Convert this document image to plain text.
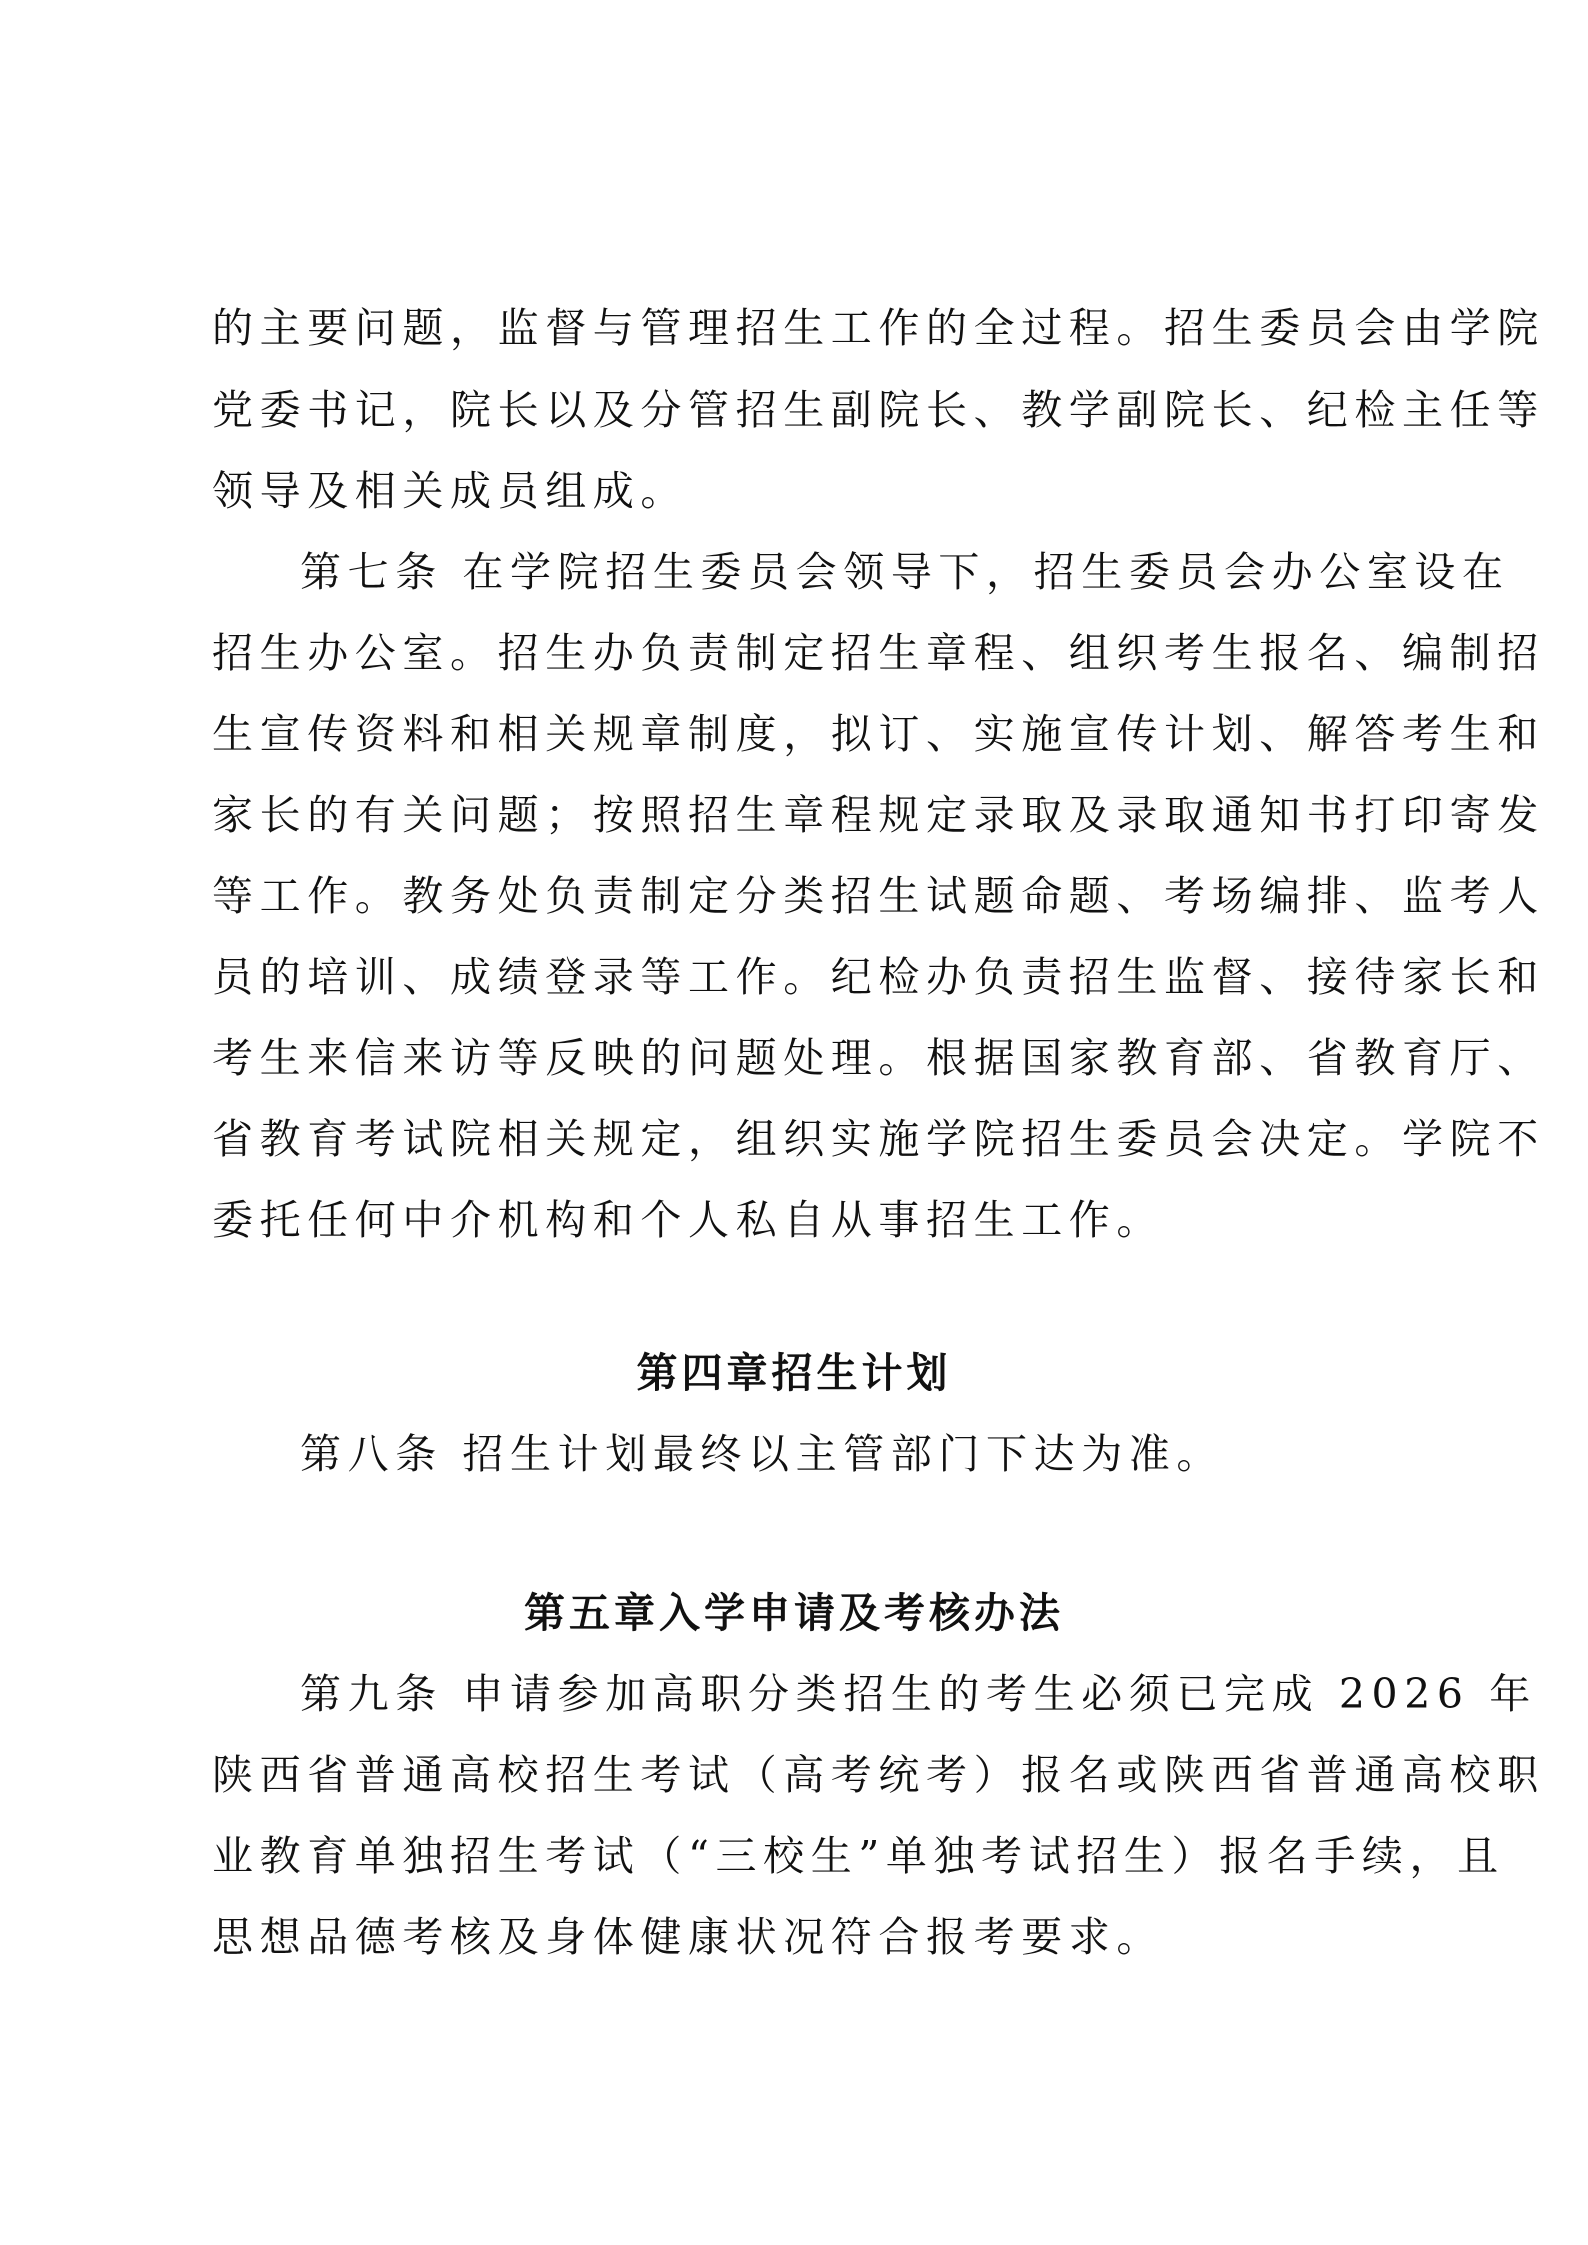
的主要问题，监督与管理招生工作的全过程。招生委员会由学院
党委书记，院长以及分管招生副院长、教学副院长、纪检主任等
领导及相关成员组成。
第七条 在学院招生委员会领导下，招生委员会办公室设在
招生办公室。招生办负责制定招生章程、组织考生报名、编制招
生宣传资料和相关规章制度，拟订、实施宣传计划、解答考生和
家长的有关问题；按照招生章程规定录取及录取通知书打印寄发
等工作。教务处负责制定分类招生试题命题、考场编排、监考人
员的培训、成绩登录等工作。纪检办负责招生监督、接待家长和
考生来信来访等反映的问题处理。根据国家教育部、省教育厅、
省教育考试院相关规定，组织实施学院招生委员会决定。学院不
委托任何中介机构和个人私自从事招生工作。
第四章招生计划
第八条 招生计划最终以主管部门下达为准。
第五章入学申请及考核办法
第九条 申请参加高职分类招生的考生必须已完成 2026 年
陕西省普通高校招生考试（高考统考）报名或陕西省普通高校职
业教育单独招生考试（“三校生”单独考试招生）报名手续，且
思想品德考核及身体健康状况符合报考要求。
